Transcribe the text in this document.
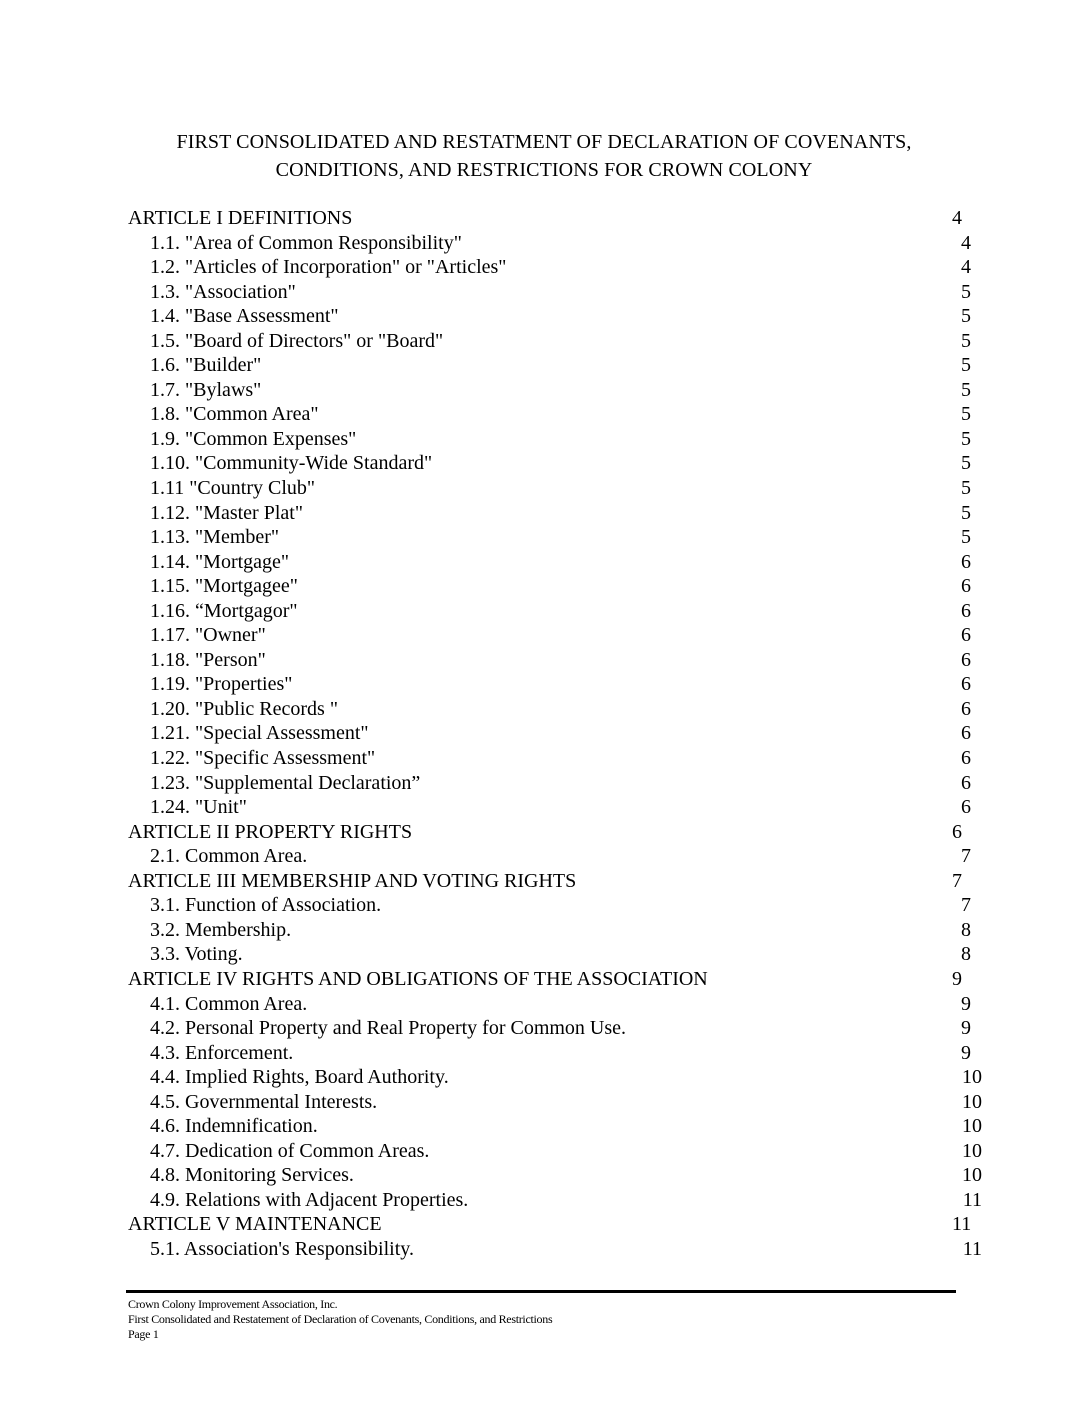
FIRST CONSOLIDATED AND RESTATMENT OF DECLARATION OF COVENANTS,
CONDITIONS, AND RESTRICTIONS FOR CROWN COLONY
ARTICLE I DEFINITIONS	4
1.1. "Area of Common Responsibility"	4
1.2. "Articles of Incorporation" or "Articles"	4
1.3. "Association"	5
1.4. "Base Assessment"	5
1.5. "Board of Directors" or "Board"	5
1.6. "Builder"	5
1.7. "Bylaws"	5
1.8. "Common Area"	5
1.9. "Common Expenses"	5
1.10. "Community-Wide Standard"	5
1.11 "Country Club"	5
1.12. "Master Plat"	5
1.13. "Member"	5
1.14. "Mortgage"	6
1.15. "Mortgagee"	6
1.16. “Mortgagor"	6
1.17. "Owner"	6
1.18. "Person"	6
1.19. "Properties"	6
1.20. "Public Records "	6
1.21. "Special Assessment"	6
1.22. "Specific Assessment"	6
1.23. "Supplemental Declaration”	6
1.24. "Unit"	6
ARTICLE II PROPERTY RIGHTS	6
2.1. Common Area.	7
ARTICLE III MEMBERSHIP AND VOTING RIGHTS	7
3.1. Function of Association.	7
3.2. Membership.	8
3.3. Voting.	8
ARTICLE IV RIGHTS AND OBLIGATIONS OF THE ASSOCIATION	9
4.1. Common Area.	9
4.2. Personal Property and Real Property for Common Use.	9
4.3. Enforcement.	9
4.4. Implied Rights, Board Authority.	10
4.5. Governmental Interests.	10
4.6. Indemnification.	10
4.7. Dedication of Common Areas.	10
4.8. Monitoring Services.	10
4.9. Relations with Adjacent Properties.	11
ARTICLE V MAINTENANCE	11
5.1. Association's Responsibility.	11
Crown Colony Improvement Association, Inc.
First Consolidated and Restatement of Declaration of Covenants, Conditions, and Restrictions
Page 1
